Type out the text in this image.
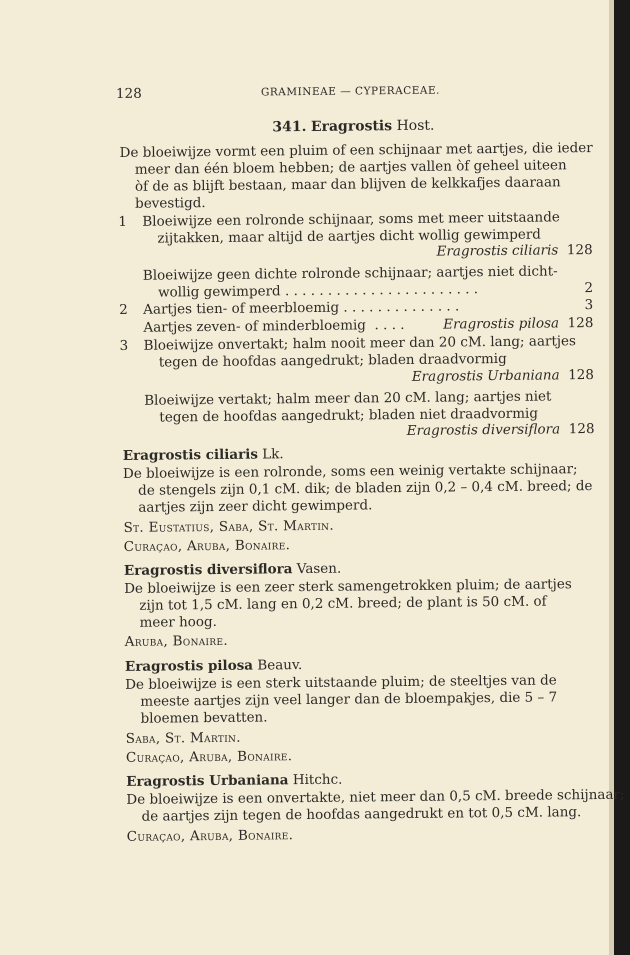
128	GRAMINEAE — CYPERACEAE.
341. Eragrostis Host.
De bloeiwijze vormt een pluim of een schijnaar met aartjes, die ieder
meer dan één bloem hebben; de aartjes vallen òf geheel uiteen
òf de as blijft bestaan, maar dan blijven de kelkkafjes daaraan
bevestigd.
1 Bloeiwijze een rolronde schijnaar, soms met meer uitstaande
zijtakken, maar altijd de aartjes dicht wollig gewimperd
Eragrostis ciliaris 128
Bloeiwijze geen dichte rolronde schijnaar; aartjes niet dicht-
wollig gewimperd . . . . . . . . . . . . . . . . . . . . . . .	2
2 Aartjes tien- of meerbloemig . . . . . . . . . . . . . .	3
Aartjes zeven- of minderbloemig . . . .	Eragrostis pilosa 128
3 Bloeiwijze onvertakt; halm nooit meer dan 20 cM. lang; aartjes
tegen de hoofdas aangedrukt; bladen draadvormig
Eragrostis Urbaniana 128
Bloeiwijze vertakt; halm meer dan 20 cM. lang; aartjes niet
tegen de hoofdas aangedrukt; bladen niet draadvormig
Eragrostis diversiflora 128
Eragrostis ciliaris Lk.
De bloeiwijze is een rolronde, soms een weinig vertakte schijnaar;
de stengels zijn 0,1 cM. dik; de bladen zijn 0,2 – 0,4 cM. breed; de
aartjes zijn zeer dicht gewimperd.
St. Eustatius, Saba, St. Martin.
Curaçao, Aruba, Bonaire.
Eragrostis diversiflora Vasen.
De bloeiwijze is een zeer sterk samengetrokken pluim; de aartjes
zijn tot 1,5 cM. lang en 0,2 cM. breed; de plant is 50 cM. of
meer hoog.
Aruba, Bonaire.
Eragrostis pilosa Beauv.
De bloeiwijze is een sterk uitstaande pluim; de steeltjes van de
meeste aartjes zijn veel langer dan de bloempakjes, die 5 – 7
bloemen bevatten.
Saba, St. Martin.
Curaçao, Aruba, Bonaire.
Eragrostis Urbaniana Hitchc.
De bloeiwijze is een onvertakte, niet meer dan 0,5 cM. breede schijnaar;
de aartjes zijn tegen de hoofdas aangedrukt en tot 0,5 cM. lang.
Curaçao, Aruba, Bonaire.
